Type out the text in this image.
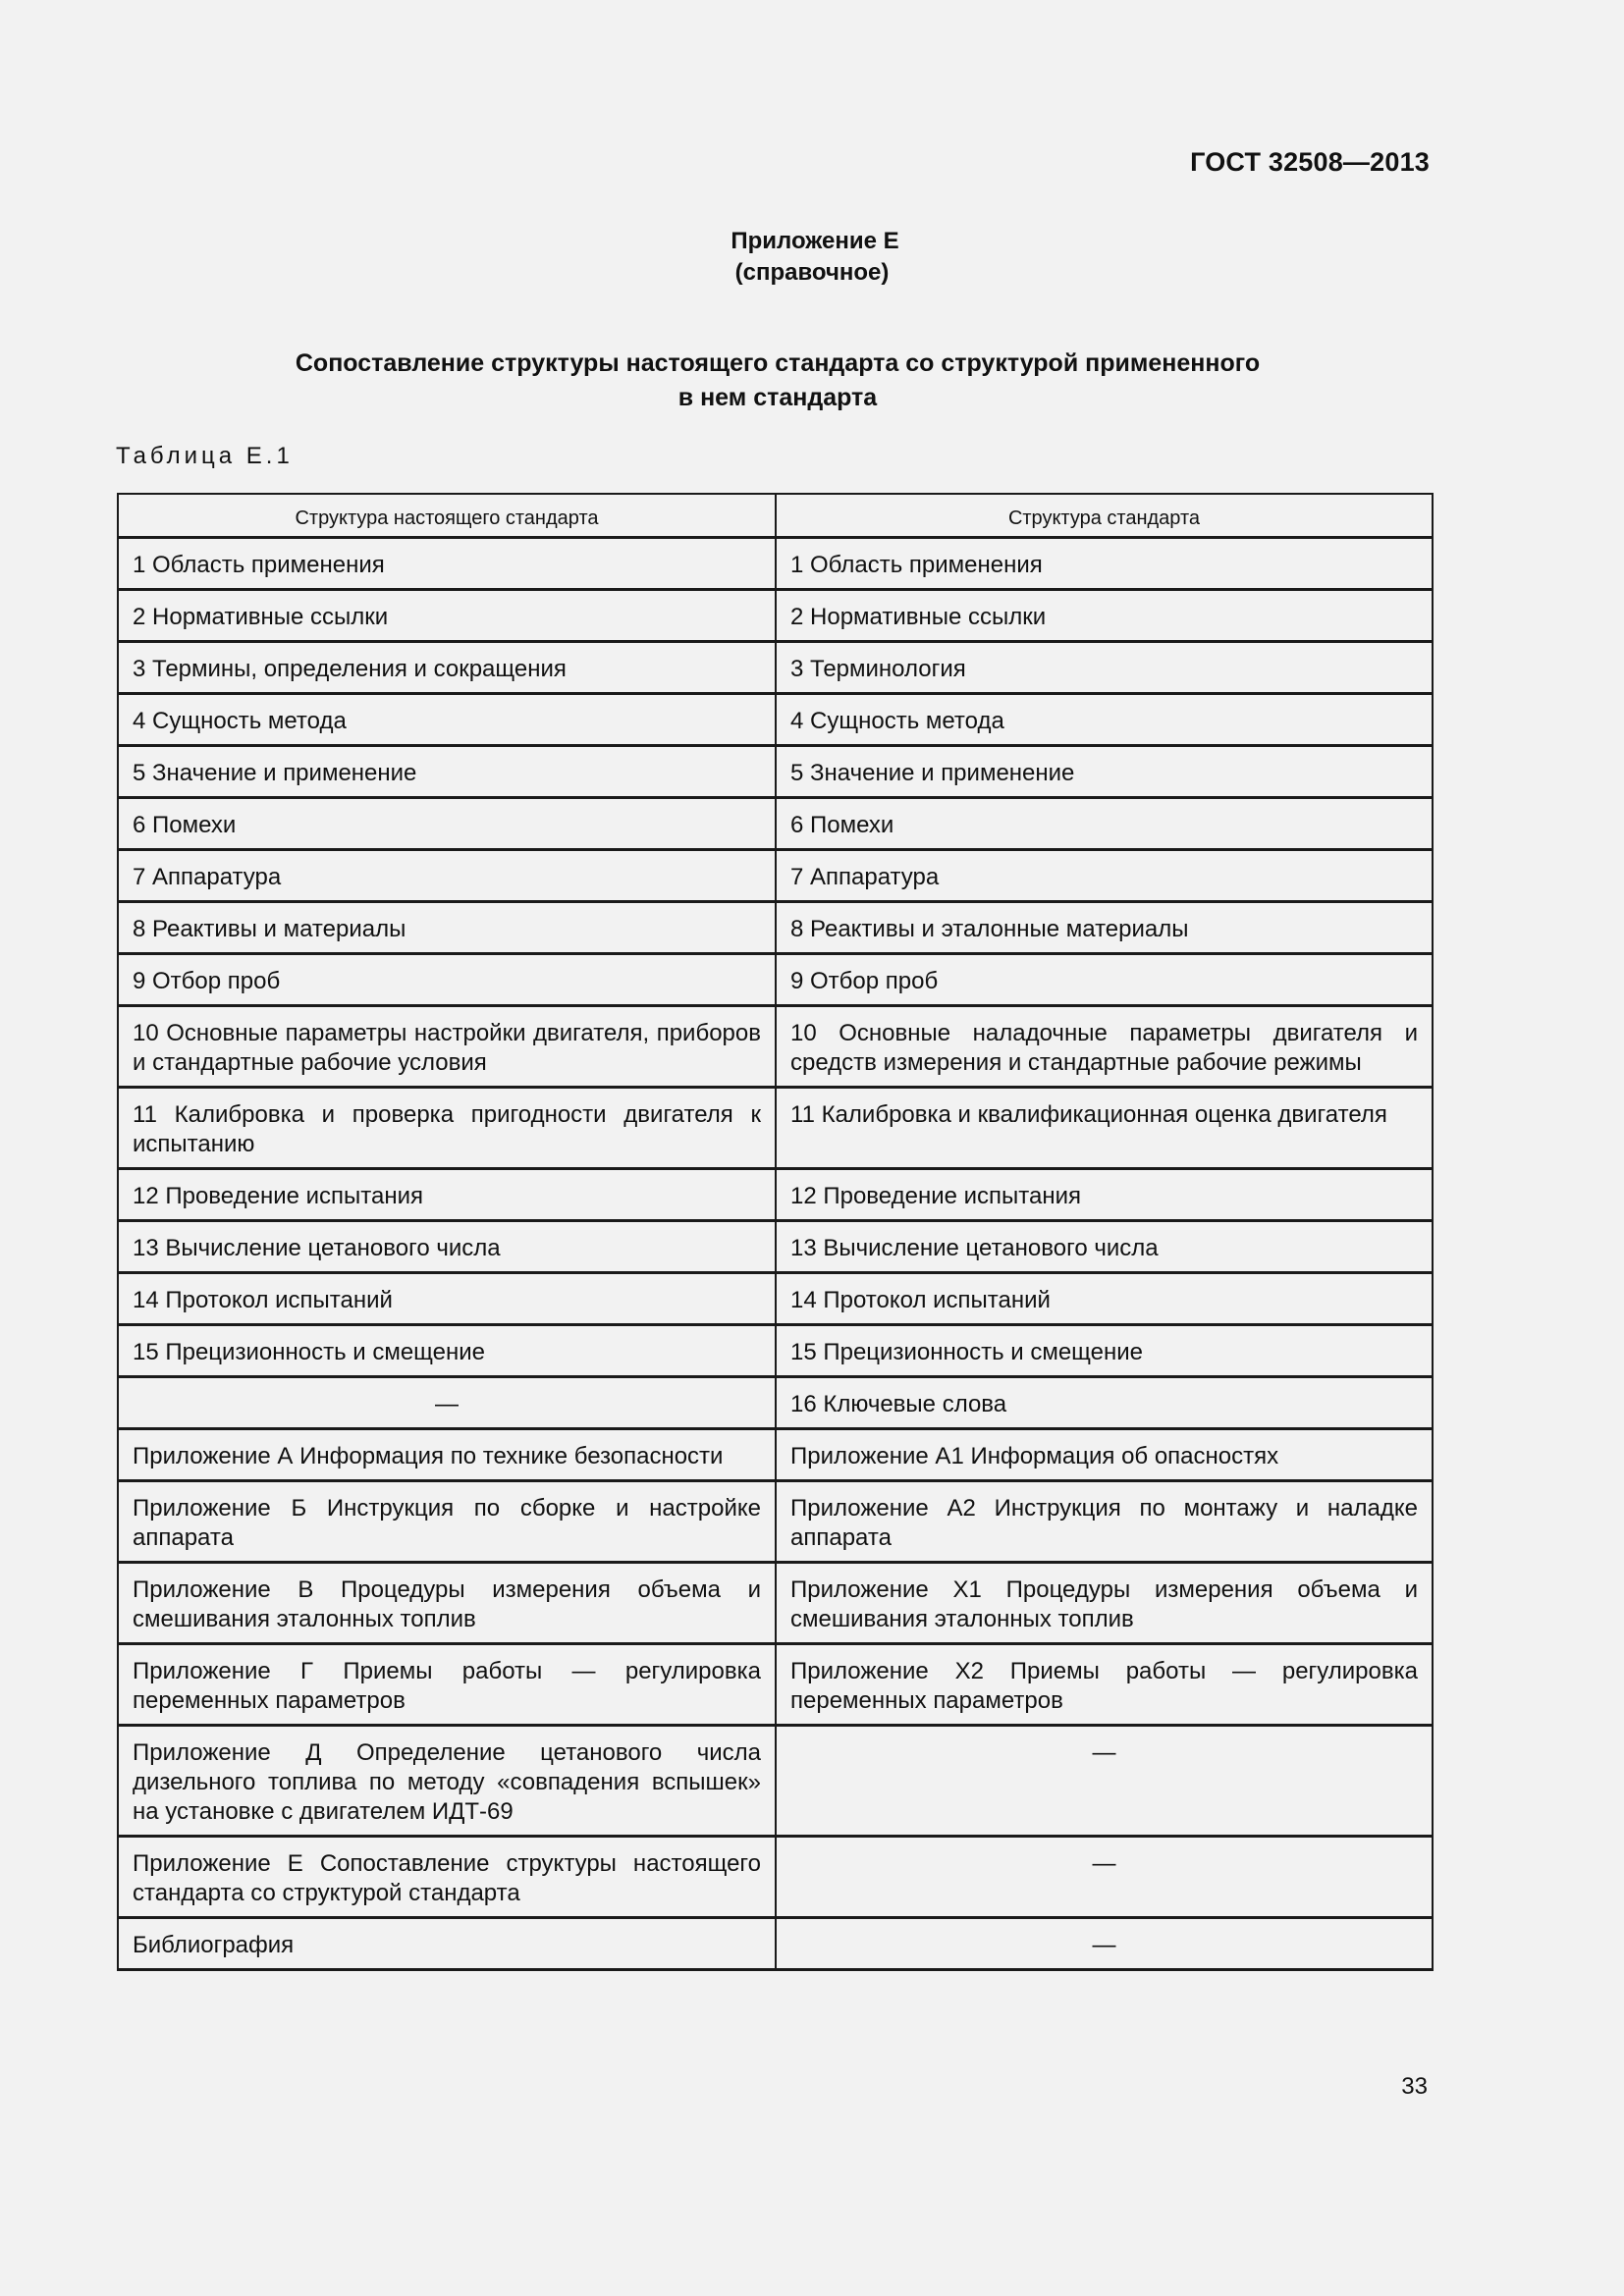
ГОСТ 32508—2013
Приложение Е
(справочное)
Сопоставление структуры настоящего стандарта со структурой примененного
в нем стандарта
Таблица Е.1
Структура настоящего стандарта	Структура стандарта
1 Область применения	1 Область применения
2 Нормативные ссылки	2 Нормативные ссылки
3 Термины, определения и сокращения	3 Терминология
4 Сущность метода	4 Сущность метода
5 Значение и применение	5 Значение и применение
6 Помехи	6 Помехи
7 Аппаратура	7 Аппаратура
8 Реактивы и материалы	8 Реактивы и эталонные материалы
9 Отбор проб	9 Отбор проб
10 Основные параметры настройки двигателя, приборов и стандартные рабочие условия	10 Основные наладочные параметры двигателя и средств измерения и стандартные рабочие режимы
11 Калибровка и проверка пригодности двигателя к испытанию	11 Калибровка и квалификационная оценка двигателя
12 Проведение испытания	12 Проведение испытания
13 Вычисление цетанового числа	13 Вычисление цетанового числа
14 Протокол испытаний	14 Протокол испытаний
15 Прецизионность и смещение	15 Прецизионность и смещение
—	16 Ключевые слова
Приложение А Информация по технике безопасности	Приложение А1 Информация об опасностях
Приложение Б Инструкция по сборке и настройке аппарата	Приложение А2 Инструкция по монтажу и наладке аппарата
Приложение В Процедуры измерения объема и смешивания эталонных топлив	Приложение Х1 Процедуры измерения объема и смешивания эталонных топлив
Приложение Г Приемы работы — регулировка переменных параметров	Приложение Х2 Приемы работы — регулировка переменных параметров
Приложение Д Определение цетанового числа дизельного топлива по методу «совпадения вспышек» на установке с двигателем ИДТ-69	—
Приложение Е Сопоставление структуры настоящего стандарта со структурой стандарта	—
Библиография	—
33
